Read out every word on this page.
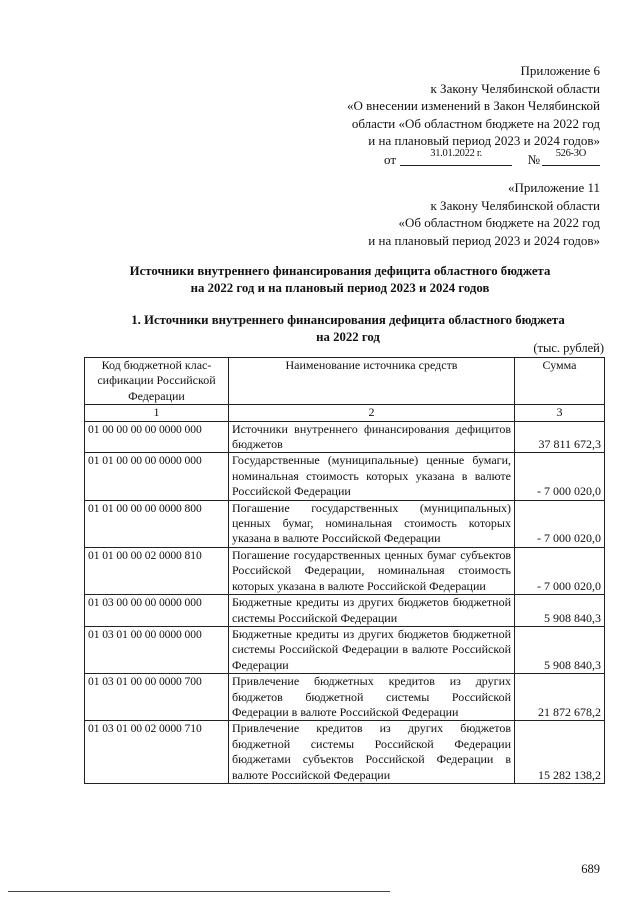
Приложение 6
к Закону Челябинской области
«О внесении изменений в Закон Челябинской
области «Об областном бюджете на 2022 год
и на плановый период 2023 и 2024 годов»
от	31.01.2022 г.	№ 526-ЗО
«Приложение 11
к Закону Челябинской области
«Об областном бюджете на 2022 год
и на плановый период 2023 и 2024 годов»
Источники внутреннего финансирования дефицита областного бюджета
на 2022 год и на плановый период 2023 и 2024 годов
1. Источники внутреннего финансирования дефицита областного бюджета
на 2022 год
(тыс. рублей)
Код бюджетной клас-сификации Российской Федерации	Наименование источника средств	Сумма
1	2	3
01 00 00 00 00 0000 000	Источники внутреннего финансирования дефицитов бюджетов	37 811 672,3
01 01 00 00 00 0000 000	Государственные (муниципальные) ценные бумаги, номинальная стоимость которых указана в валюте Российской Федерации	- 7 000 020,0
01 01 00 00 00 0000 800	Погашение государственных (муниципальных) ценных бумаг, номинальная стоимость которых указана в валюте Российской Федерации	- 7 000 020,0
01 01 00 00 02 0000 810	Погашение государственных ценных бумаг субъектов Российской Федерации, номинальная стоимость которых указана в валюте Российской Федерации	- 7 000 020,0
01 03 00 00 00 0000 000	Бюджетные кредиты из других бюджетов бюджетной системы Российской Федерации	5 908 840,3
01 03 01 00 00 0000 000	Бюджетные кредиты из других бюджетов бюджетной системы Российской Федерации в валюте Российской Федерации	5 908 840,3
01 03 01 00 00 0000 700	Привлечение бюджетных кредитов из других бюджетов бюджетной системы Российской Федерации в валюте Российской Федерации	21 872 678,2
01 03 01 00 02 0000 710	Привлечение кредитов из других бюджетов бюджетной системы Российской Федерации бюджетами субъектов Российской Федерации в валюте Российской Федерации	15 282 138,2
689
